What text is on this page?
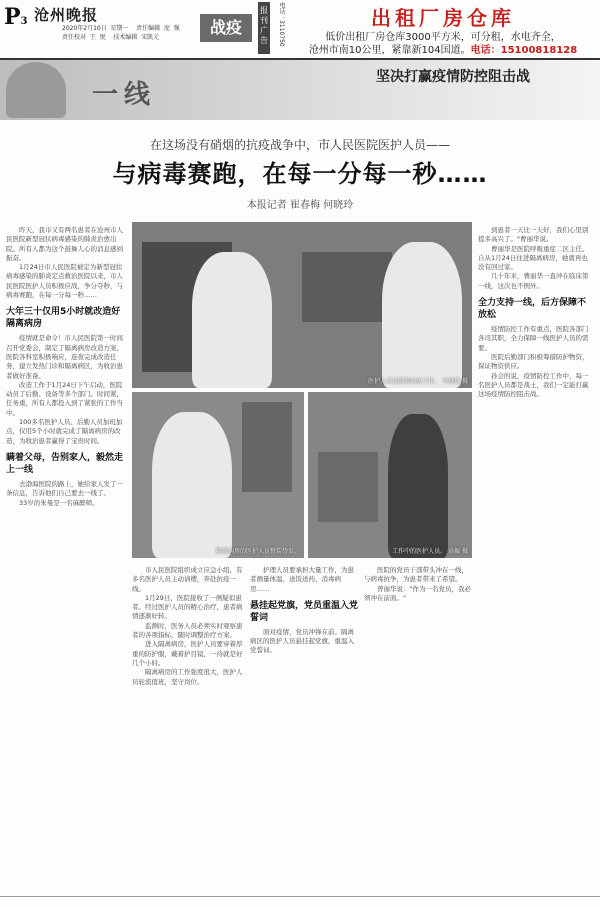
P3 沧州晚报
2020年2月10日  星期一    责任编辑  庞  强
责任校对  王  悦    技术编辑  宋凯元
战疫
报刊广告	电话：3110750	出租厂房仓库
低价出租厂房仓库3000平方米，可分租，水电齐全，
沧州市南10公里，紧靠新104国道。电话：15100818128
一线
坚决打赢疫情防控阻击战
在这场没有硝烟的抗疫战争中，市人民医院医护人员——
与病毒赛跑，在每一分每一秒……
本报记者 崔春梅 何晓玲

昨天，我市又有两名患者在沧州市人民医院新型冠状病毒感染的肺炎治愈出院。所有人都为这个鼓舞人心的消息感到振奋。

1月24日市人民医院被定为新型冠状病毒感染的肺炎定点救治医院以来，市人民医院医护人员积极应战，争分夺秒，与病毒赛跑，在每一分每一秒……

大年三十仅用5小时就改造好隔离病房

疫情就是命令！市人民医院第一时间召开党委会，制定了隔离病房改造方案。医院各科室积极响应，连夜完成改造任务，建立发热门诊和隔离病区，为收治患者做好准备。

改造工作于1月24日下午启动，医院动员了后勤、设备等多个部门。时间紧，任务重，所有人都投入到了紧张的工作当中。

100多名医护人员、后勤人员加班加点，仅用5个小时就完成了隔离病房的改造，为收治患者赢得了宝贵时间。

瞒着父母，告别家人，毅然走上一线

去渤海医院的路上，她给家人发了一条信息，告诉他们自己要去一线了。

33岁的朱曼是一名麻醉师。

医护人员在隔离病房工作。 李进修 摄
隔离病房的医护人员整装待发。	工作中的医护人员。 高振 摄

到患者一天比一天好，我们心里别提多高兴了。"曹丽华说。

曹丽华是医院呼吸重症二区主任。自从1月24日住进隔离病房，她就再也没有回过家。

几十年来，曹丽华一直冲在临床第一线，这次也不例外。

全力支持一线，后方保障不放松

疫情防控工作有重点，医院各部门各司其职，全力保障一线医护人员的需要。

医院后勤部门积极筹措防护物资，保证物资供应。

孙会的说，疫情防控工作中，每一名医护人员都是战士，我们一定能打赢这场疫情防控阻击战。

市人民医院组织成立应急小组，有多名医护人员主动请缨，奔赴抗疫一线。

1月29日，医院接收了一例疑似患者。经过医护人员的精心治疗，患者病情逐渐好转。

监测时，医务人员必须实时观察患者的各项指标，随时调整治疗方案。

进入隔离病房，医护人员要穿着厚重的防护服，戴着护目镜，一待就是好几个小时。

隔离病房的工作强度很大，医护人员轮流值班，坚守岗位。

护理人员要承担大量工作，为患者测量体温、送饭送药、消毒病房……

悬挂起党旗，党员重温入党誓词

面对疫情，党员冲锋在前。隔离病区的医护人员悬挂起党旗，重温入党誓词。

医院的党员干部带头冲在一线，与病毒抗争，为患者带来了希望。

曾丽华说："作为一名党员，我必须冲在前面。"
